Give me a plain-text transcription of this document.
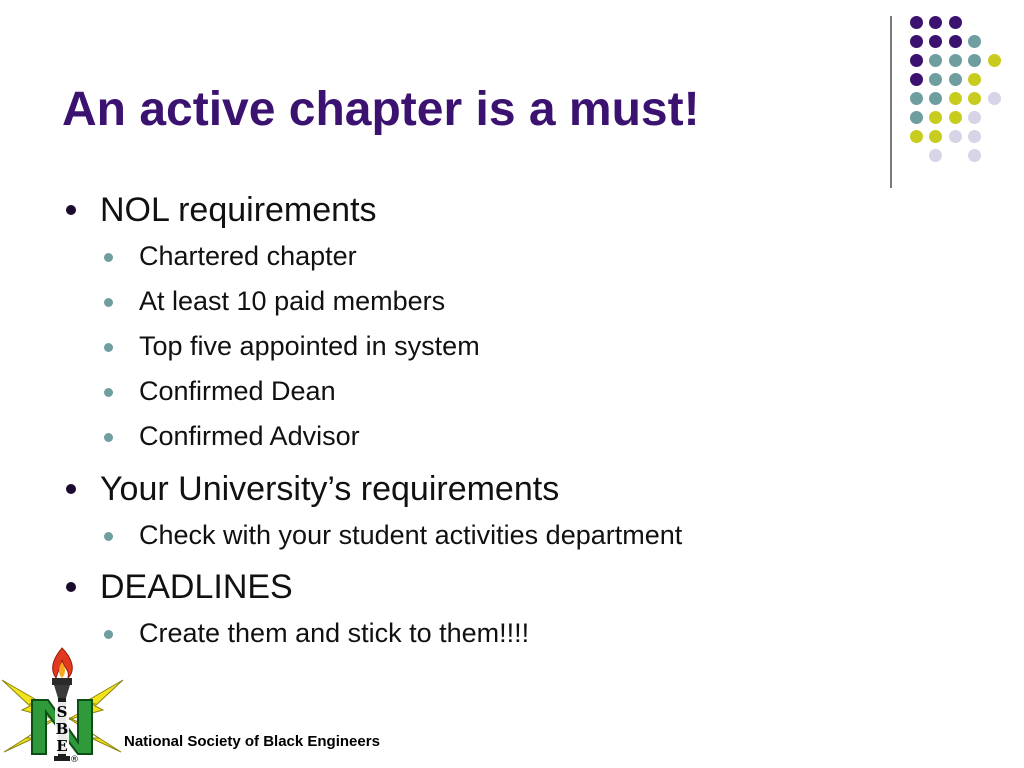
An active chapter is a must!
NOL requirements
Chartered chapter
At least 10 paid members
Top five appointed in system
Confirmed Dean
Confirmed Advisor
Your University’s requirements
Check with your student activities department
DEADLINES
Create them and stick to them!!!!
S
B
E
®
National Society of Black Engineers
